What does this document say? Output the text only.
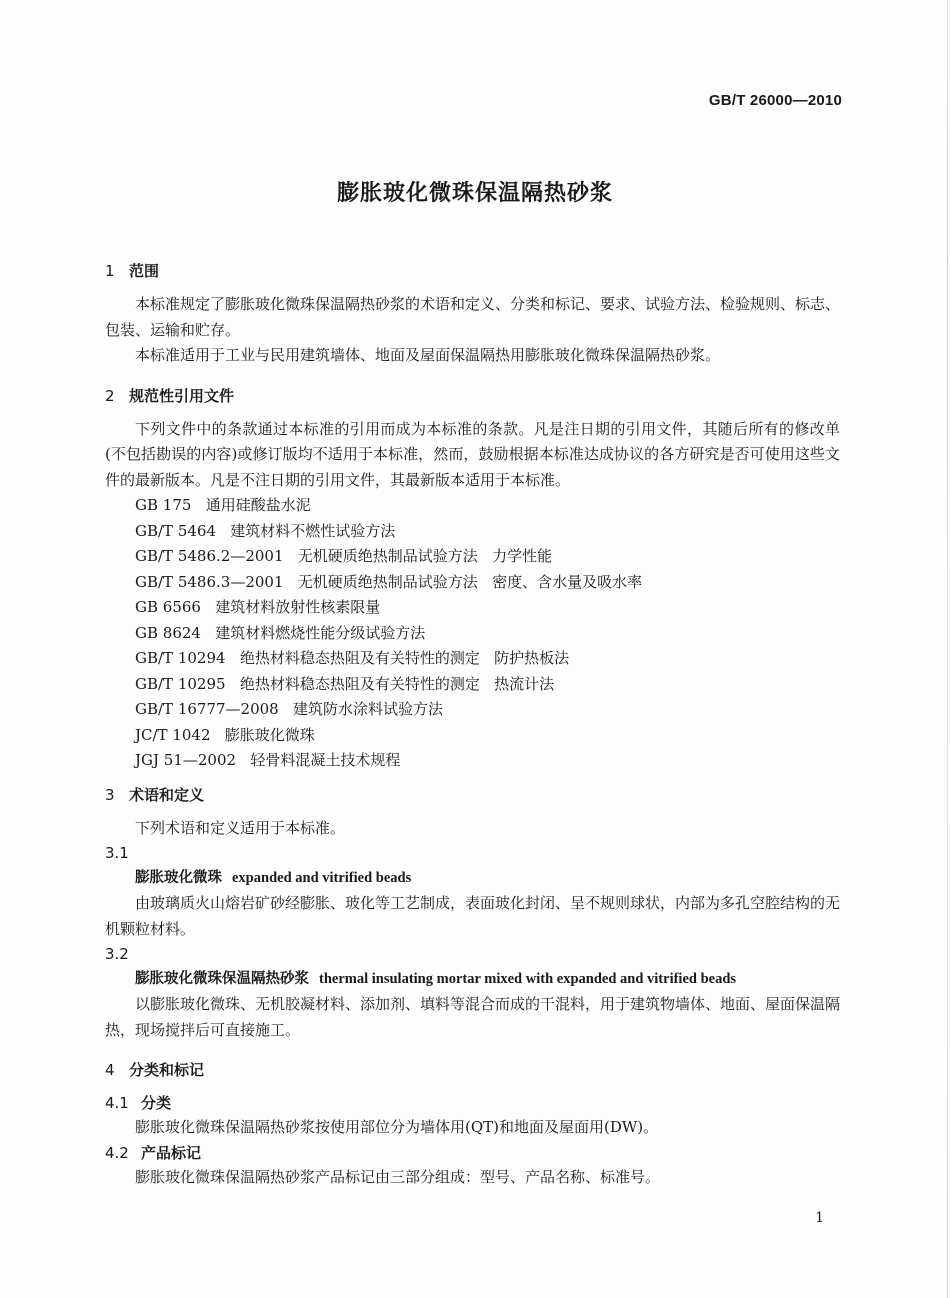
GB/T 26000—2010
膨胀玻化微珠保温隔热砂浆
1 范围
本标准规定了膨胀玻化微珠保温隔热砂浆的术语和定义、分类和标记、要求、试验方法、检验规则、标志、包装、运输和贮存。
本标准适用于工业与民用建筑墙体、地面及屋面保温隔热用膨胀玻化微珠保温隔热砂浆。
2 规范性引用文件
下列文件中的条款通过本标准的引用而成为本标准的条款。凡是注日期的引用文件，其随后所有的修改单(不包括勘误的内容)或修订版均不适用于本标准，然而，鼓励根据本标准达成协议的各方研究是否可使用这些文件的最新版本。凡是不注日期的引用文件，其最新版本适用于本标准。
GB 175   通用硅酸盐水泥
GB/T 5464   建筑材料不燃性试验方法
GB/T 5486.2—2001   无机硬质绝热制品试验方法   力学性能
GB/T 5486.3—2001   无机硬质绝热制品试验方法   密度、含水量及吸水率
GB 6566   建筑材料放射性核素限量
GB 8624   建筑材料燃烧性能分级试验方法
GB/T 10294   绝热材料稳态热阻及有关特性的测定   防护热板法
GB/T 10295   绝热材料稳态热阻及有关特性的测定   热流计法
GB/T 16777—2008   建筑防水涂料试验方法
JC/T 1042   膨胀玻化微珠
JGJ 51—2002   轻骨料混凝土技术规程
3 术语和定义
下列术语和定义适用于本标准。
3.1
膨胀玻化微珠 expanded and vitrified beads
由玻璃质火山熔岩矿砂经膨胀、玻化等工艺制成，表面玻化封闭、呈不规则球状，内部为多孔空腔结构的无机颗粒材料。
3.2
膨胀玻化微珠保温隔热砂浆 thermal insulating mortar mixed with expanded and vitrified beads
以膨胀玻化微珠、无机胶凝材料、添加剂、填料等混合而成的干混料，用于建筑物墙体、地面、屋面保温隔热，现场搅拌后可直接施工。
4 分类和标记
4.1 分类
膨胀玻化微珠保温隔热砂浆按使用部位分为墙体用(QT)和地面及屋面用(DW)。
4.2 产品标记
膨胀玻化微珠保温隔热砂浆产品标记由三部分组成：型号、产品名称、标准号。
1
